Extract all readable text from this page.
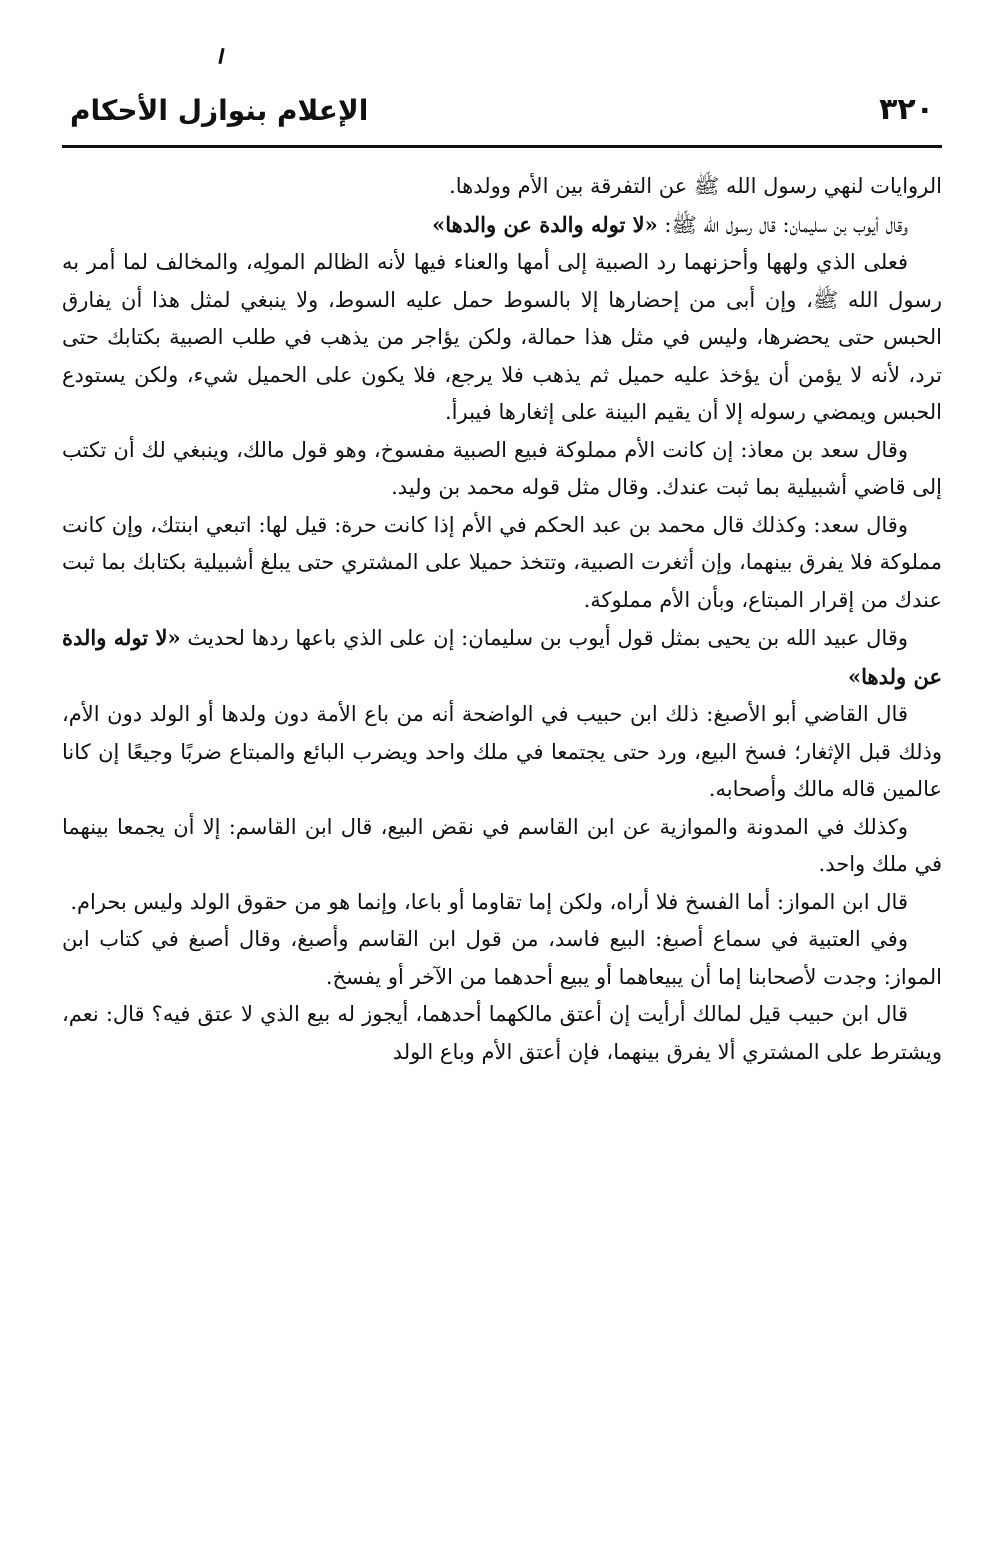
٣٢٠
الإعلام بنوازل الأحكام

الروايات لنهي رسول الله ﷺ عن التفرقة بين الأم وولدها.

وقال أيوب بن سليمان: قال رسول الله ﷺ: «لا توله والدة عن والدها»

فعلى الذي ولهها وأحزنهما رد الصبية إلى أمها والعناء فيها لأنه الظالم المولِه، والمخالف لما أمر به رسول الله ﷺ، وإن أبى من إحضارها إلا بالسوط حمل عليه السوط، ولا ينبغي لمثل هذا أن يفارق الحبس حتى يحضرها، وليس في مثل هذا حمالة، ولكن يؤاجر من يذهب في طلب الصبية بكتابك حتى ترد، لأنه لا يؤمن أن يؤخذ عليه حميل ثم يذهب فلا يرجع، فلا يكون على الحميل شيء، ولكن يستودع الحبس ويمضي رسوله إلا أن يقيم البينة على إثغارها فيبرأ.

وقال سعد بن معاذ: إن كانت الأم مملوكة فبيع الصبية مفسوخ، وهو قول مالك، وينبغي لك أن تكتب إلى قاضي أشبيلية بما ثبت عندك. وقال مثل قوله محمد بن وليد.

وقال سعد: وكذلك قال محمد بن عبد الحكم في الأم إذا كانت حرة: قيل لها: اتبعي ابنتك، وإن كانت مملوكة فلا يفرق بينهما، وإن أثغرت الصبية، وتتخذ حميلا على المشتري حتى يبلغ أشبيلية بكتابك بما ثبت عندك من إقرار المبتاع، وبأن الأم مملوكة.

وقال عبيد الله بن يحيى بمثل قول أيوب بن سليمان: إن على الذي باعها ردها لحديث «لا توله والدة عن ولدها»

قال القاضي أبو الأصبغ: ذلك ابن حبيب في الواضحة أنه من باع الأمة دون ولدها أو الولد دون الأم، وذلك قبل الإثغار؛ فسخ البيع، ورد حتى يجتمعا في ملك واحد ويضرب البائع والمبتاع ضربًا وجيعًا إن كانا عالمين قاله مالك وأصحابه.

وكذلك في المدونة والموازية عن ابن القاسم في نقض البيع، قال ابن القاسم: إلا أن يجمعا بينهما في ملك واحد.

قال ابن المواز: أما الفسخ فلا أراه، ولكن إما تقاوما أو باعا، وإنما هو من حقوق الولد وليس بحرام.

وفي العتبية في سماع أصبغ: البيع فاسد، من قول ابن القاسم وأصبغ، وقال أصبغ في كتاب ابن المواز: وجدت لأصحابنا إما أن يبيعاهما أو يبيع أحدهما من الآخر أو يفسخ.

قال ابن حبيب قيل لمالك أرأيت إن أعتق مالكهما أحدهما، أيجوز له بيع الذي لا عتق فيه؟ قال: نعم، ويشترط على المشتري ألا يفرق بينهما، فإن أعتق الأم وباع الولد
